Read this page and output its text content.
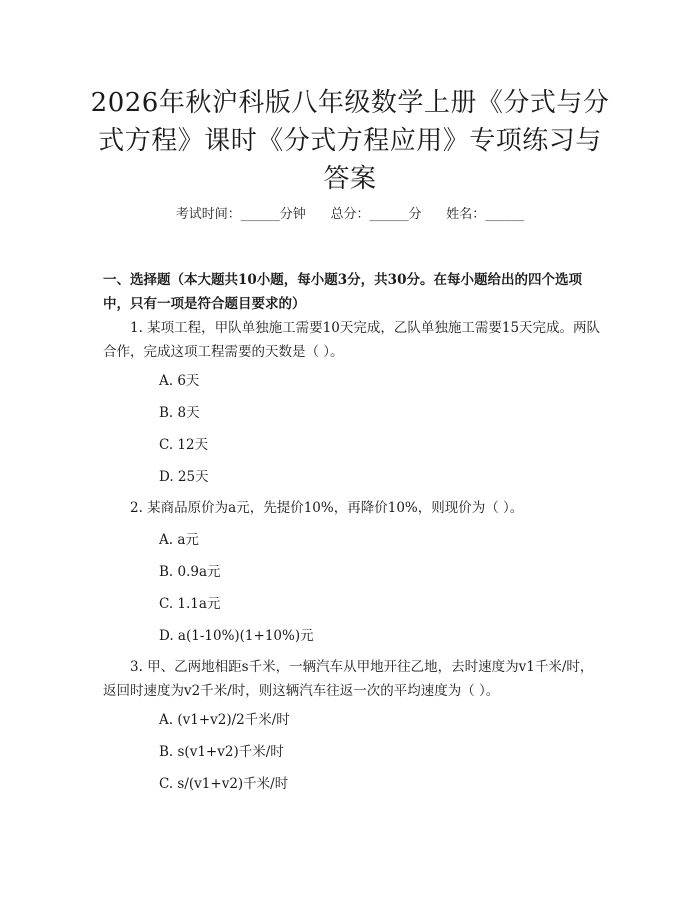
2026年秋沪科版八年级数学上册《分式与分式方程》课时《分式方程应用》专项练习与答案
考试时间：______分钟      总分：______分      姓名：______
一、选择题（本大题共10小题，每小题3分，共30分。在每小题给出的四个选项中，只有一项是符合题目要求的）
1. 某项工程，甲队单独施工需要10天完成，乙队单独施工需要15天完成。两队合作，完成这项工程需要的天数是（ ）。
A. 6天
B. 8天
C. 12天
D. 25天
2. 某商品原价为a元，先提价10%，再降价10%，则现价为（ ）。
A. a元
B. 0.9a元
C. 1.1a元
D. a(1-10%)(1+10%)元
3. 甲、乙两地相距s千米，一辆汽车从甲地开往乙地，去时速度为v1千米/时，返回时速度为v2千米/时，则这辆汽车往返一次的平均速度为（ ）。
A. (v1+v2)/2千米/时
B. s(v1+v2)千米/时
C. s/(v1+v2)千米/时
